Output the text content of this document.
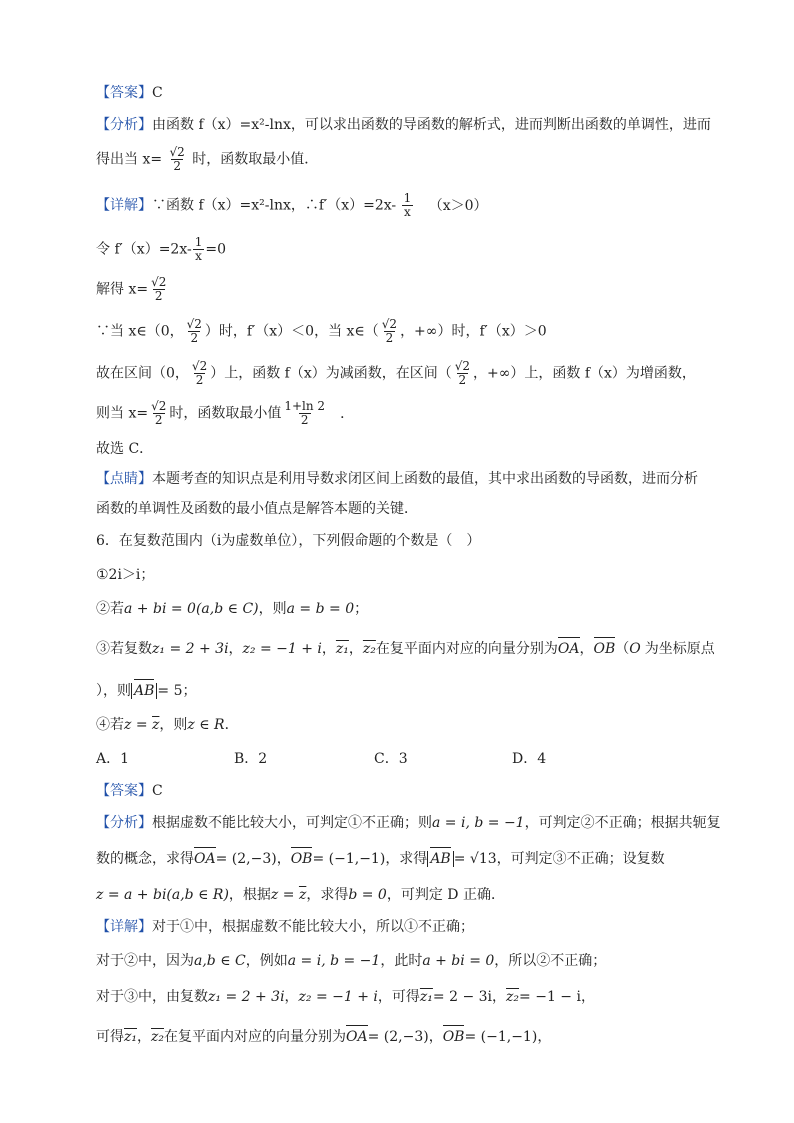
【答案】C
【分析】由函数 f（x）=x²-lnx，可以求出函数的导函数的解析式，进而判断出函数的单调性，进而
得出当 $x= \frac{√2}{2}$ 时，函数取最小值．
【详解】∵函数 f（x）=x²-lnx，∴f′（x）=2x- $\frac{1}{x} (x>0)$
令 $f'(x)=2x- \frac{1}{x} =0$
解得 $x= \frac{√2}{2}$
∵当 x∈（0， $\frac{√2}{2}$ ）时，f′（x）＜0，当 x∈（ $\frac{√2}{2}$ ，+∞）时，f′（x）＞0
故在区间（0， $\frac{√2}{2}$ ）上，函数 f（x）为减函数，在区间（ $\frac{√2}{2}$ ，+∞）上，函数 f（x）为增函数，
则当 $x= \frac{√2}{2}$ 时，函数取最小值 $\frac{1+\ln 2}{2}$ ．
故选 C．
【点睛】本题考查的知识点是利用导数求闭区间上函数的最值，其中求出函数的导函数，进而分析
函数的单调性及函数的最小值点是解答本题的关键．
6．在复数范围内（i为虚数单位），下列假命题的个数是（　）
①2i＞i；
②若a + bi = 0(a,b ∈ C)，则a = b = 0；
③若复数z₁ = 2 + 3i，z₂ = −1 + i，z₁，z₂在复平面内对应的向量分别为OA，OB（O 为坐标原点
），则 AB = 5；
④若$z = \overline{z}$，则z ∈ R．
A．1	B．2	C．3	D．4
【答案】C
【分析】根据虚数不能比较大小，可判定①不正确；则a = i, b = −1，可判定②不正确；根据共轭复
数的概念，求得OA= (2,−3)，OB= (−1,−1)，求得 AB = √13，可判定③不正确；设复数
z = a + bi(a,b ∈ R)，根据$z = \overline{z}$，求得b = 0，可判定 D 正确．
【详解】对于①中，根据虚数不能比较大小，所以①不正确；
对于②中，因为a,b ∈ C，例如a = i, b = −1，此时a + bi = 0，所以②不正确；
对于③中，由复数z₁ = 2 + 3i，z₂ = −1 + i，可得z₁= 2 − 3i，z₂= −1 − i，
可得z₁，z₂在复平面内对应的向量分别为OA= (2,−3)，OB= (−1,−1)，
